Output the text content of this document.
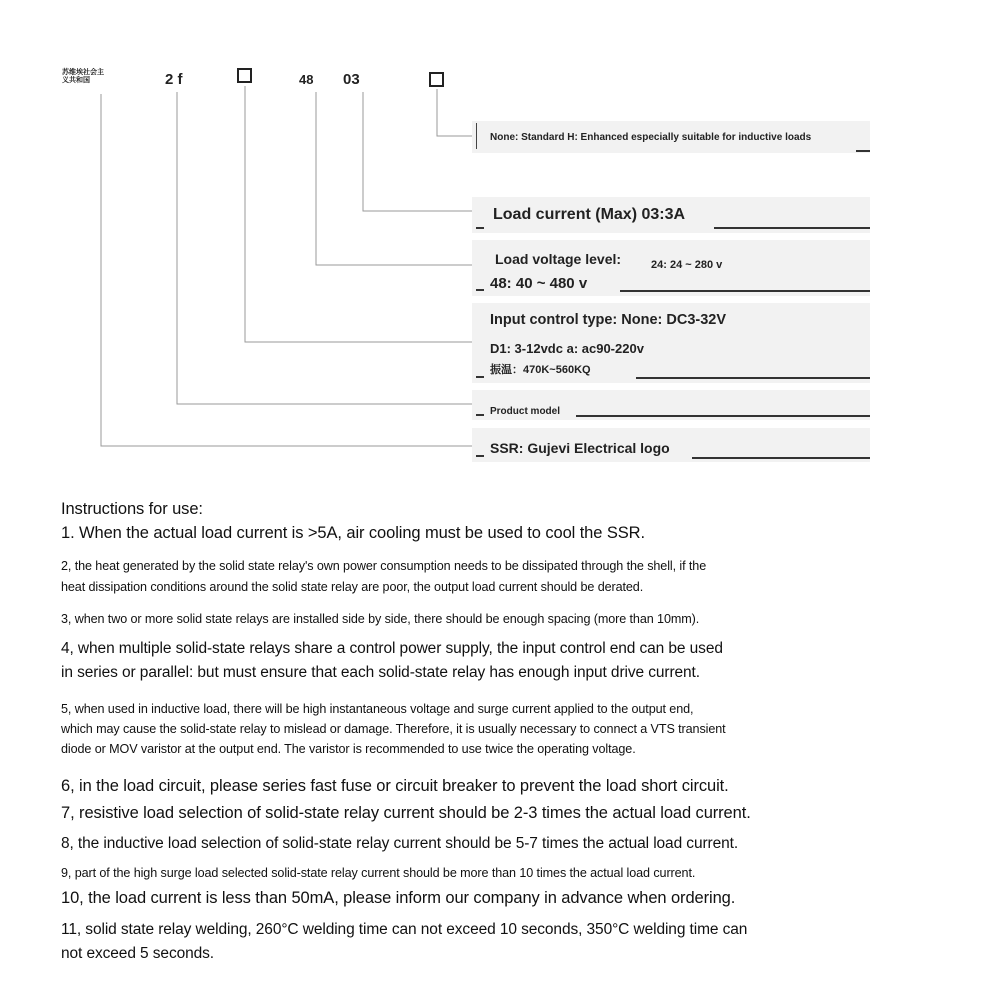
苏维埃社会主
义共和国	2 f	48 03
None: Standard H: Enhanced especially suitable for inductive loads
Load current (Max) 03:3A
Load voltage level:	24: 24 ~ 280 v
48: 40 ~ 480 v
Input control type: None: DC3-32V
D1: 3-12vdc a: ac90-220v
振温：470K~560KQ
Product model
SSR: Gujevi Electrical logo
Instructions for use:
1. When the actual load current is >5A, air cooling must be used to cool the SSR.
2, the heat generated by the solid state relay's own power consumption needs to be dissipated through the shell, if the
heat dissipation conditions around the solid state relay are poor, the output load current should be derated.
3, when two or more solid state relays are installed side by side, there should be enough spacing (more than 10mm).
4, when multiple solid-state relays share a control power supply, the input control end can be used
in series or parallel: but must ensure that each solid-state relay has enough input drive current.
5, when used in inductive load, there will be high instantaneous voltage and surge current applied to the output end,
which may cause the solid-state relay to mislead or damage. Therefore, it is usually necessary to connect a VTS transient
diode or MOV varistor at the output end. The varistor is recommended to use twice the operating voltage.
6, in the load circuit, please series fast fuse or circuit breaker to prevent the load short circuit.
7, resistive load selection of solid-state relay current should be 2-3 times the actual load current.
8, the inductive load selection of solid-state relay current should be 5-7 times the actual load current.
9, part of the high surge load selected solid-state relay current should be more than 10 times the actual load current.
10, the load current is less than 50mA, please inform our company in advance when ordering.
11, solid state relay welding, 260°C welding time can not exceed 10 seconds, 350°C welding time can
not exceed 5 seconds.
